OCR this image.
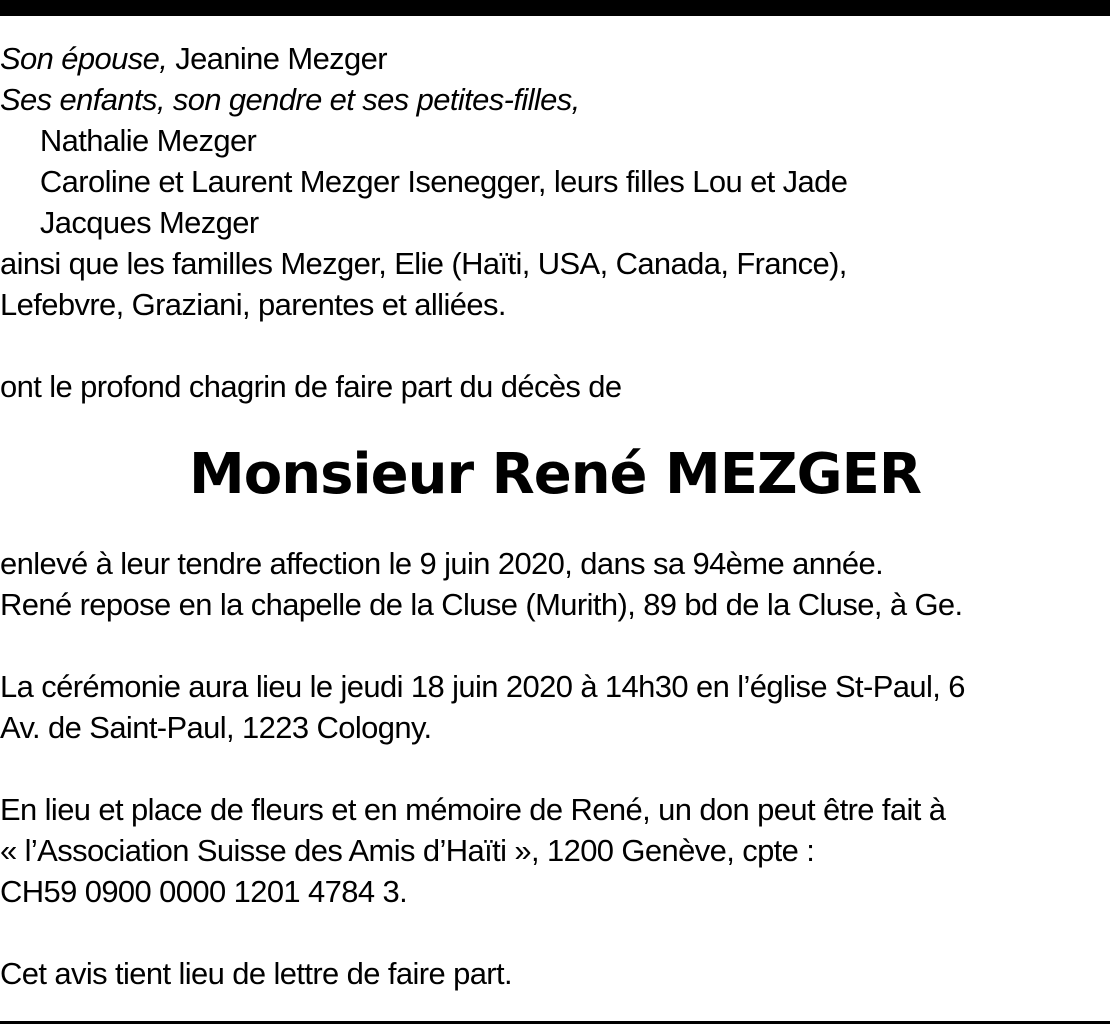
Son épouse, Jeanine Mezger
Ses enfants, son gendre et ses petites-filles,
Nathalie Mezger
Caroline et Laurent Mezger Isenegger, leurs filles Lou et Jade
Jacques Mezger
ainsi que les familles Mezger, Elie (Haïti, USA, Canada, France),
Lefebvre, Graziani, parentes et alliées.
ont le profond chagrin de faire part du décès de
Monsieur René MEZGER
enlevé à leur tendre affection le 9 juin 2020, dans sa 94ème année.
René repose en la chapelle de la Cluse (Murith), 89 bd de la Cluse, à Ge.
La cérémonie aura lieu le jeudi 18 juin 2020 à 14h30 en l’église St-Paul, 6
Av. de Saint-Paul, 1223 Cologny.
En lieu et place de fleurs et en mémoire de René, un don peut être fait à
« l’Association Suisse des Amis d’Haïti », 1200 Genève, cpte :
CH59 0900 0000 1201 4784 3.
Cet avis tient lieu de lettre de faire part.
